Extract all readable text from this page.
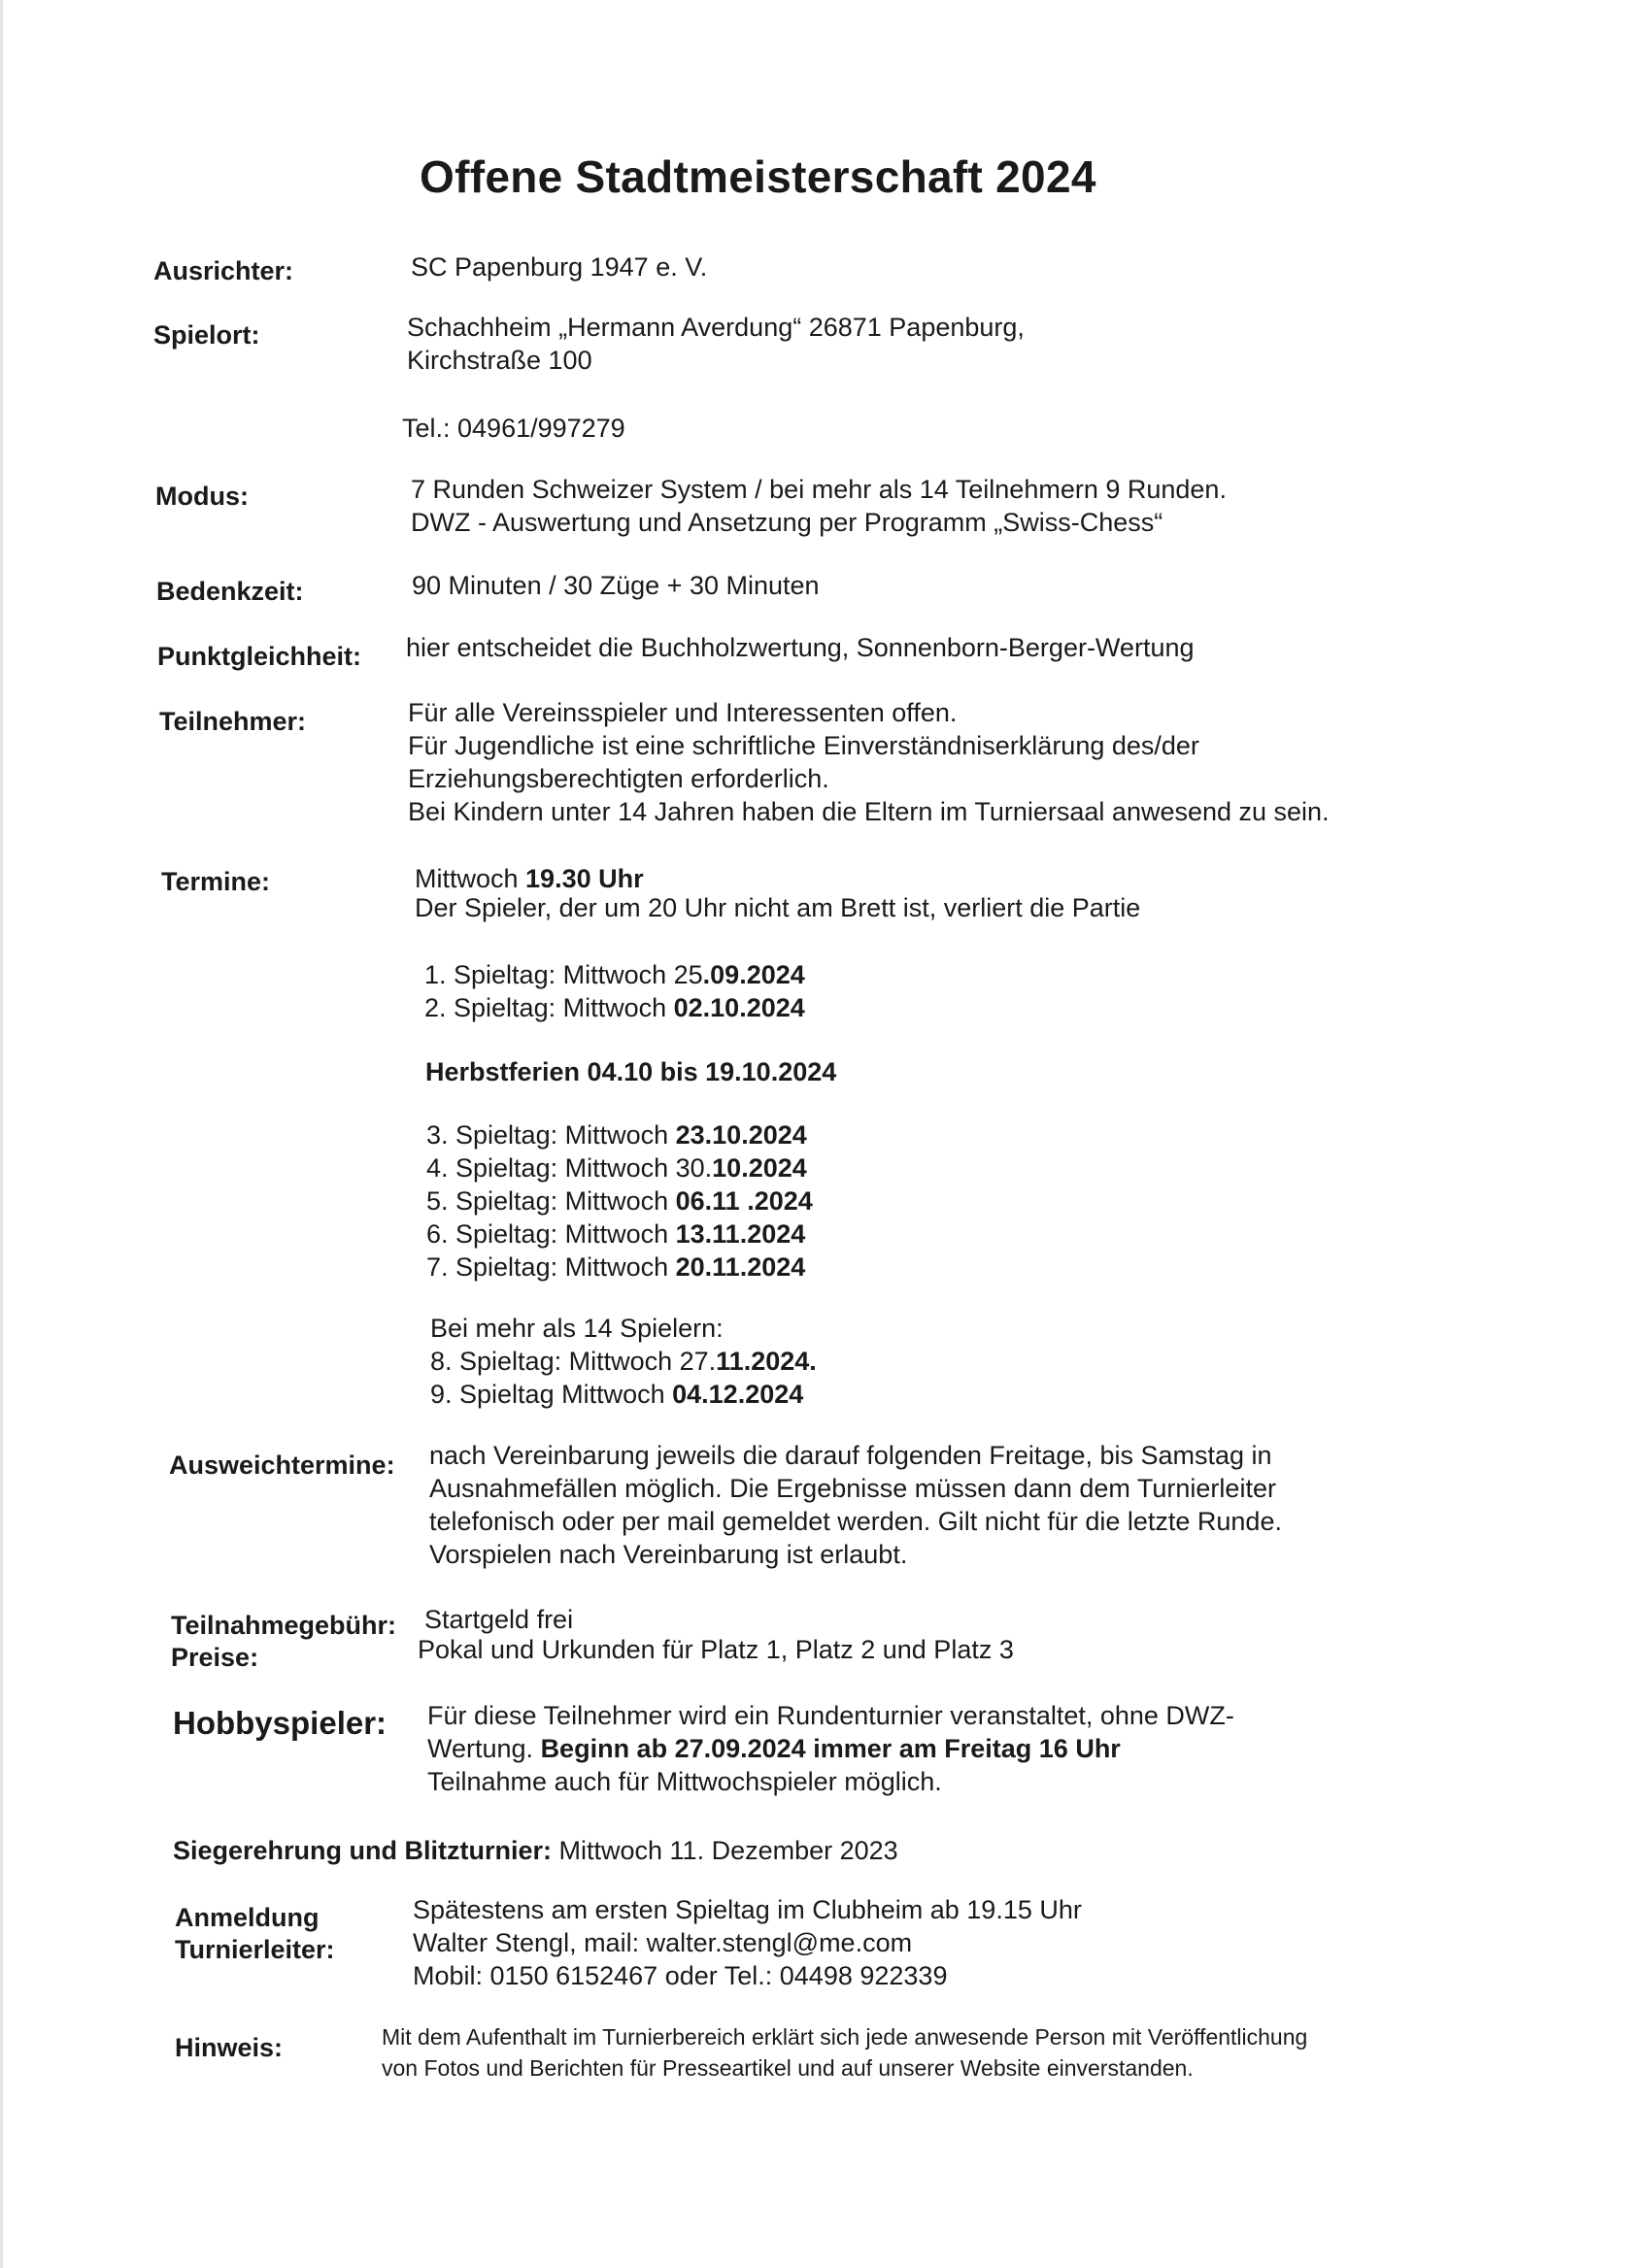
Offene Stadtmeisterschaft 2024
Ausrichter:	SC Papenburg 1947 e. V.
Spielort:	Schachheim „Hermann Averdung“ 26871 Papenburg,
Kirchstraße 100
Tel.: 04961/997279
Modus:	7 Runden Schweizer System / bei mehr als 14 Teilnehmern 9 Runden.
DWZ - Auswertung und Ansetzung per Programm „Swiss-Chess“
Bedenkzeit:	90 Minuten / 30 Züge + 30 Minuten
Punktgleichheit: hier entscheidet die Buchholzwertung, Sonnenborn-Berger-Wertung
Teilnehmer:	Für alle Vereinsspieler und Interessenten offen.
Für Jugendliche ist eine schriftliche Einverständniserklärung des/der
Erziehungsberechtigten erforderlich.
Bei Kindern unter 14 Jahren haben die Eltern im Turniersaal anwesend zu sein.
Termine:	Mittwoch 19.30 Uhr
Der Spieler, der um 20 Uhr nicht am Brett ist, verliert die Partie
1. Spieltag: Mittwoch 25.09.2024
2. Spieltag: Mittwoch 02.10.2024
Herbstferien 04.10 bis 19.10.2024
3. Spieltag: Mittwoch 23.10.2024
4. Spieltag: Mittwoch 30.10.2024
5. Spieltag: Mittwoch 06.11 .2024
6. Spieltag: Mittwoch 13.11.2024
7. Spieltag: Mittwoch 20.11.2024
Bei mehr als 14 Spielern:
8. Spieltag: Mittwoch 27.11.2024.
9. Spieltag Mittwoch 04.12.2024
Ausweichtermine: nach Vereinbarung jeweils die darauf folgenden Freitage, bis Samstag in
Ausnahmefällen möglich. Die Ergebnisse müssen dann dem Turnierleiter
telefonisch oder per mail gemeldet werden. Gilt nicht für die letzte Runde.
Vorspielen nach Vereinbarung ist erlaubt.
Teilnahmegebühr: Startgeld frei
Preise:	Pokal und Urkunden für Platz 1, Platz 2 und Platz 3
Hobbyspieler: Für diese Teilnehmer wird ein Rundenturnier veranstaltet, ohne DWZ-
Wertung. Beginn ab 27.09.2024 immer am Freitag 16 Uhr
Teilnahme auch für Mittwochspieler möglich.
Siegerehrung und Blitzturnier: Mittwoch 11. Dezember 2023
Anmeldung	Spätestens am ersten Spieltag im Clubheim ab 19.15 Uhr
Turnierleiter:	Walter Stengl, mail: walter.stengl@me.com
Mobil: 0150 6152467 oder Tel.: 04498 922339
Hinweis:	Mit dem Aufenthalt im Turnierbereich erklärt sich jede anwesende Person mit Veröffentlichung
von Fotos und Berichten für Presseartikel und auf unserer Website einverstanden.
